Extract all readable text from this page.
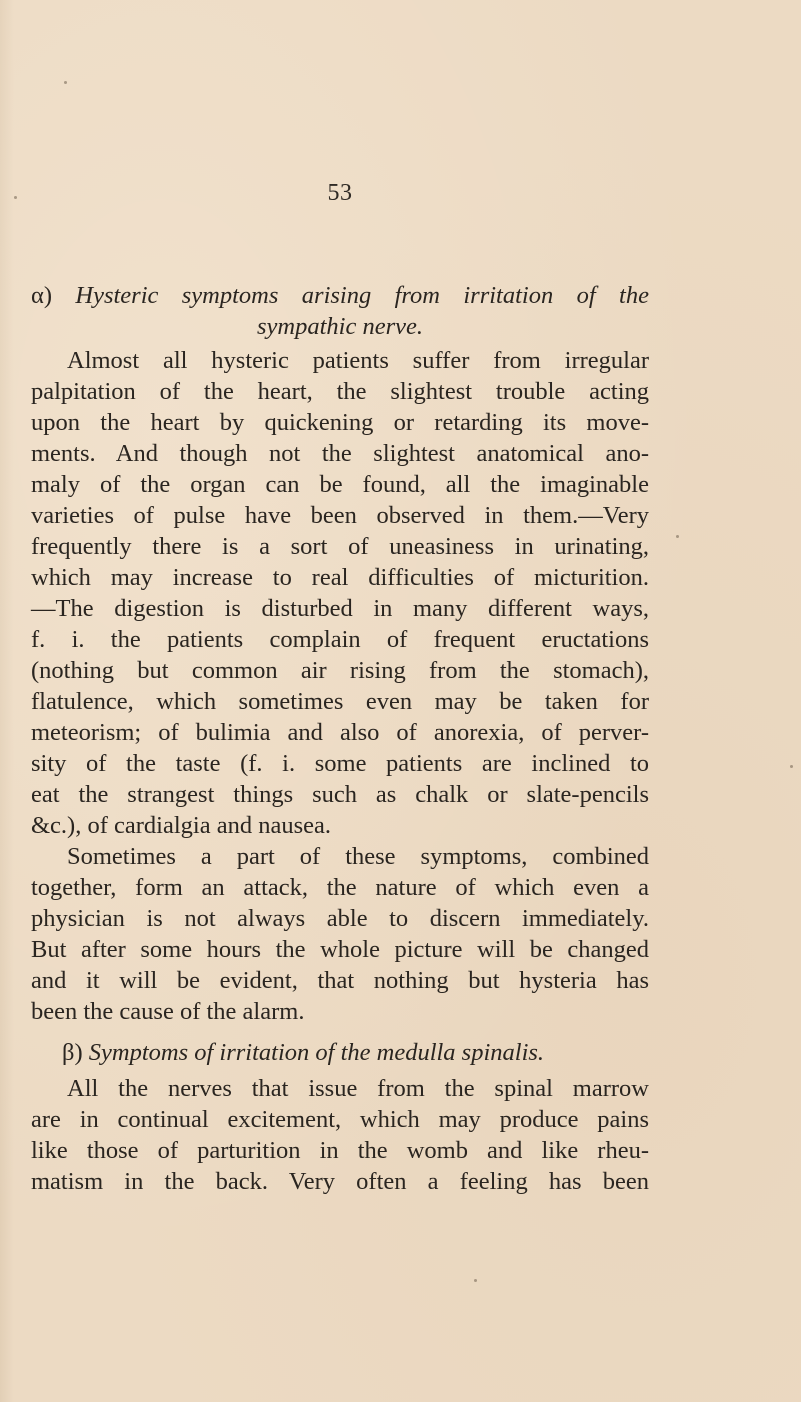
53
α) Hysteric symptoms arising from irritation of the
sympathic nerve.
Almost all hysteric patients suffer from irregular
palpitation of the heart, the slightest trouble acting
upon the heart by quickening or retarding its move-
ments. And though not the slightest anatomical ano-
maly of the organ can be found, all the imaginable
varieties of pulse have been observed in them.—Very
frequently there is a sort of uneasiness in urinating,
which may increase to real difficulties of micturition.
—The digestion is disturbed in many different ways,
f. i. the patients complain of frequent eructations
(nothing but common air rising from the stomach),
flatulence, which sometimes even may be taken for
meteorism; of bulimia and also of anorexia, of perver-
sity of the taste (f. i. some patients are inclined to
eat the strangest things such as chalk or slate-pencils
&c.), of cardialgia and nausea.
Sometimes a part of these symptoms, combined
together, form an attack, the nature of which even a
physician is not always able to discern immediately.
But after some hours the whole picture will be changed
and it will be evident, that nothing but hysteria has
been the cause of the alarm.
β) Symptoms of irritation of the medulla spinalis.
All the nerves that issue from the spinal marrow
are in continual excitement, which may produce pains
like those of parturition in the womb and like rheu-
matism in the back. Very often a feeling has been
